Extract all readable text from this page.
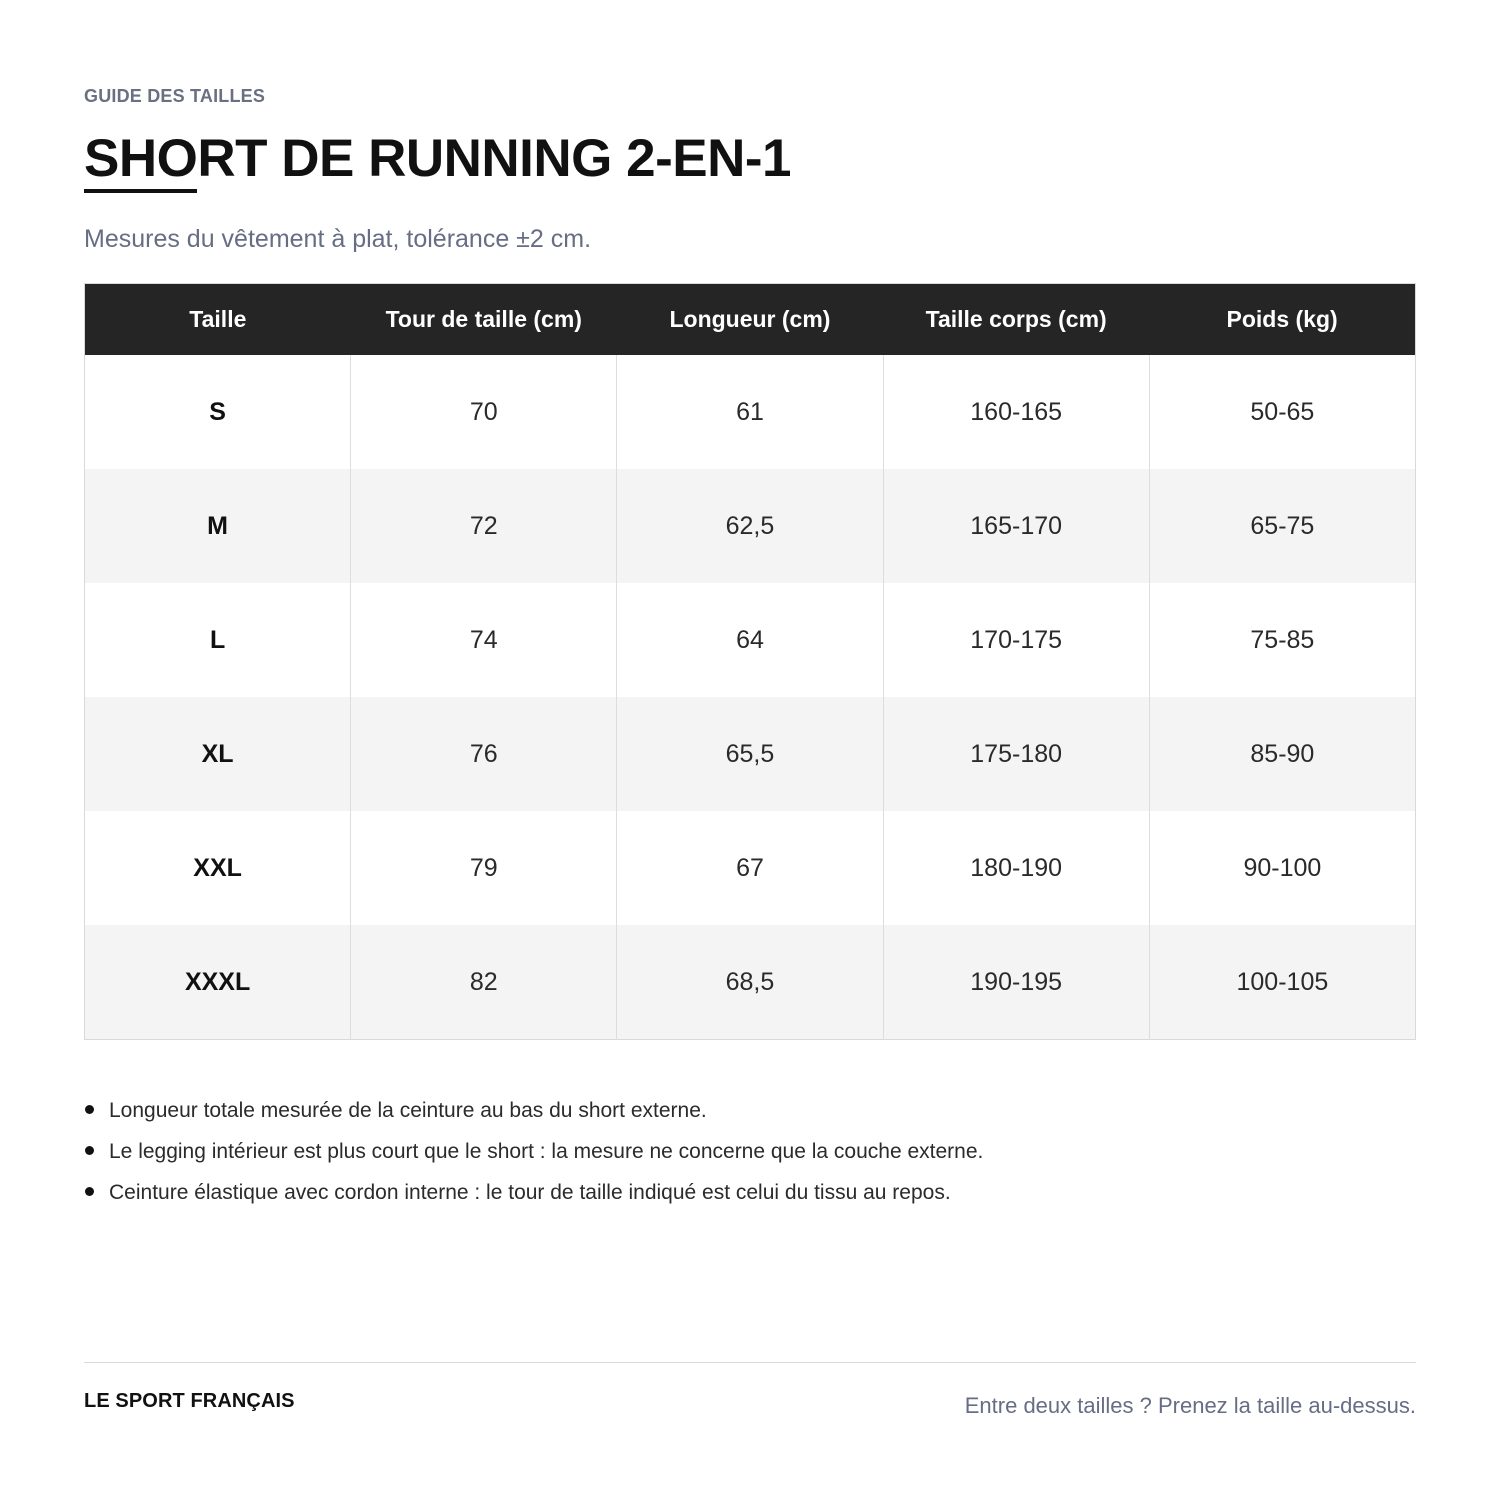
GUIDE DES TAILLES
SHORT DE RUNNING 2-EN-1
Mesures du vêtement à plat, tolérance ±2 cm.
Taille	Tour de taille (cm)	Longueur (cm)	Taille corps (cm)	Poids (kg)
S	70	61	160-165	50-65
M	72	62,5	165-170	65-75
L	74	64	170-175	75-85
XL	76	65,5	175-180	85-90
XXL	79	67	180-190	90-100
XXXL	82	68,5	190-195	100-105
Longueur totale mesurée de la ceinture au bas du short externe.
Le legging intérieur est plus court que le short : la mesure ne concerne que la couche externe.
Ceinture élastique avec cordon interne : le tour de taille indiqué est celui du tissu au repos.
LE SPORT FRANÇAIS	Entre deux tailles ? Prenez la taille au-dessus.
